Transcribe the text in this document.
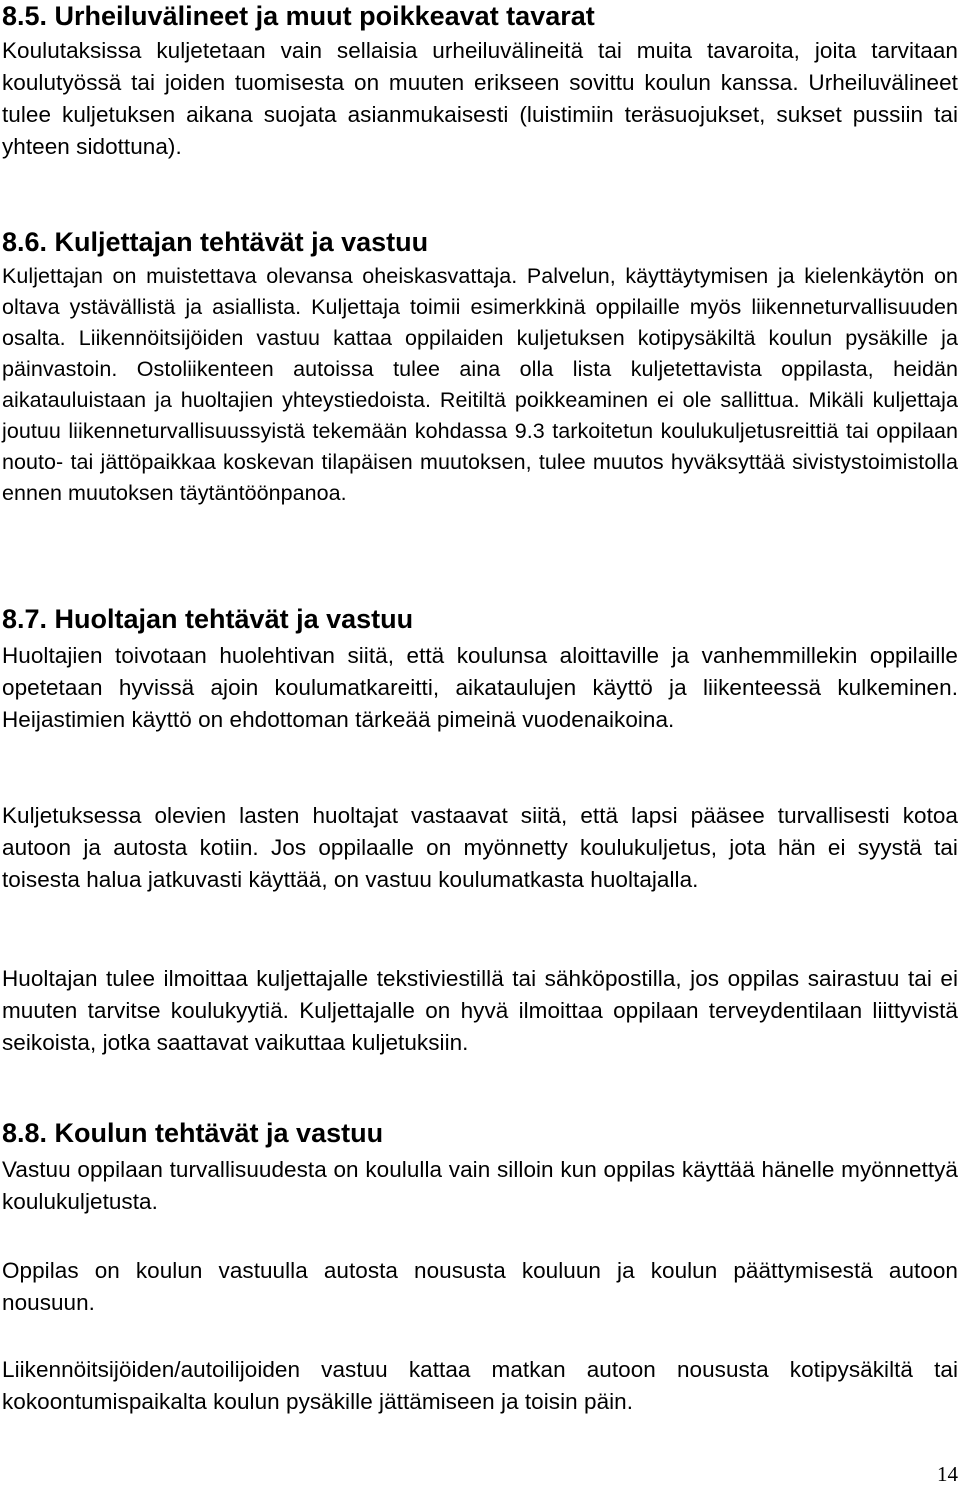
8.5. Urheiluvälineet ja muut poikkeavat tavarat

Koulutaksissa kuljetetaan vain sellaisia urheiluvälineitä tai muita tavaroita, joita tarvitaan koulutyössä tai joiden tuomisesta on muuten erikseen sovittu koulun kanssa. Urheiluvälineet tulee kuljetuksen aikana suojata asianmukaisesti (luistimiin teräsuojukset, sukset pussiin tai yhteen sidottuna).

8.6. Kuljettajan tehtävät ja vastuu

Kuljettajan on muistettava olevansa oheiskasvattaja. Palvelun, käyttäytymisen ja kielenkäytön on oltava ystävällistä ja asiallista. Kuljettaja toimii esimerkkinä oppilaille myös liikenneturvallisuuden osalta. Liikennöitsijöiden vastuu kattaa oppilaiden kuljetuksen kotipysäkiltä koulun pysäkille ja päinvastoin. Ostoliikenteen autoissa tulee aina olla lista kuljetettavista oppilasta, heidän aikatauluistaan ja huoltajien yhteystiedoista. Reitiltä poikkeaminen ei ole sallittua. Mikäli kuljettaja joutuu liikenneturvallisuussyistä tekemään kohdassa 9.3 tarkoitetun koulukuljetusreittiä tai oppilaan nouto- tai jättöpaikkaa koskevan tilapäisen muutoksen, tulee muutos hyväksyttää sivistystoimistolla ennen muutoksen täytäntöönpanoa.

8.7. Huoltajan tehtävät ja vastuu

Huoltajien toivotaan huolehtivan siitä, että koulunsa aloittaville ja vanhemmillekin oppilaille opetetaan hyvissä ajoin koulumatkareitti, aikataulujen käyttö ja liikenteessä kulkeminen. Heijastimien käyttö on ehdottoman tärkeää pimeinä vuodenaikoina.

Kuljetuksessa olevien lasten huoltajat vastaavat siitä, että lapsi pääsee turvallisesti kotoa autoon ja autosta kotiin. Jos oppilaalle on myönnetty koulukuljetus, jota hän ei syystä tai toisesta halua jatkuvasti käyttää, on vastuu koulumatkasta huoltajalla.

Huoltajan tulee ilmoittaa kuljettajalle tekstiviestillä tai sähköpostilla, jos oppilas sairastuu tai ei muuten tarvitse koulukyytiä. Kuljettajalle on hyvä ilmoittaa oppilaan terveydentilaan liittyvistä seikoista, jotka saattavat vaikuttaa kuljetuksiin.

8.8. Koulun tehtävät ja vastuu

Vastuu oppilaan turvallisuudesta on koululla vain silloin kun oppilas käyttää hänelle myönnettyä koulukuljetusta.

Oppilas on koulun vastuulla autosta noususta kouluun ja koulun päättymisestä autoon nousuun.

Liikennöitsijöiden/autoilijoiden vastuu kattaa matkan autoon noususta kotipysäkiltä tai kokoontumispaikalta koulun pysäkille jättämiseen ja toisin päin.

14
